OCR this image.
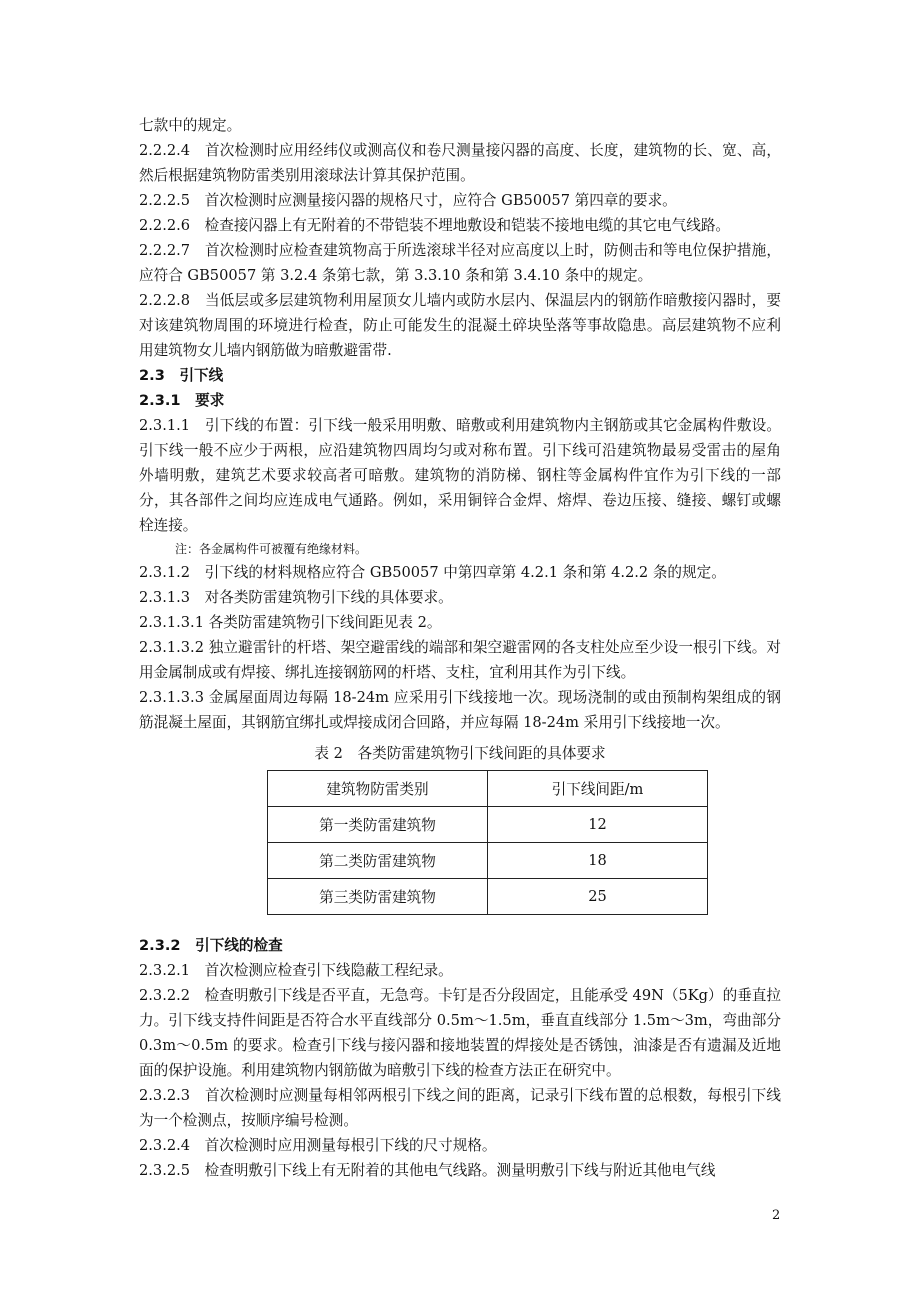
七款中的规定。
2.2.2.4　首次检测时应用经纬仪或测高仪和卷尺测量接闪器的高度、长度，建筑物的长、宽、高，然后根据建筑物防雷类别用滚球法计算其保护范围。
2.2.2.5　首次检测时应测量接闪器的规格尺寸，应符合 GB50057 第四章的要求。
2.2.2.6　检查接闪器上有无附着的不带铠装不埋地敷设和铠装不接地电缆的其它电气线路。
2.2.2.7　首次检测时应检查建筑物高于所选滚球半径对应高度以上时，防侧击和等电位保护措施，应符合 GB50057 第 3.2.4 条第七款，第 3.3.10 条和第 3.4.10 条中的规定。
2.2.2.8　当低层或多层建筑物利用屋顶女儿墙内或防水层内、保温层内的钢筋作暗敷接闪器时，要对该建筑物周围的环境进行检查，防止可能发生的混凝土碎块坠落等事故隐患。高层建筑物不应利用建筑物女儿墙内钢筋做为暗敷避雷带.
2.3　引下线
2.3.1　要求
2.3.1.1　引下线的布置：引下线一般采用明敷、暗敷或利用建筑物内主钢筋或其它金属构件敷设。引下线一般不应少于两根，应沿建筑物四周均匀或对称布置。引下线可沿建筑物最易受雷击的屋角外墙明敷，建筑艺术要求较高者可暗敷。建筑物的消防梯、钢柱等金属构件宜作为引下线的一部分，其各部件之间均应连成电气通路。例如，采用铜锌合金焊、熔焊、卷边压接、缝接、螺钉或螺栓连接。
注：各金属构件可被覆有绝缘材料。
2.3.1.2　引下线的材料规格应符合 GB50057 中第四章第 4.2.1 条和第 4.2.2 条的规定。
2.3.1.3　对各类防雷建筑物引下线的具体要求。
2.3.1.3.1 各类防雷建筑物引下线间距见表 2。
2.3.1.3.2 独立避雷针的杆塔、架空避雷线的端部和架空避雷网的各支柱处应至少设一根引下线。对用金属制成或有焊接、绑扎连接钢筋网的杆塔、支柱，宜利用其作为引下线。
2.3.1.3.3 金属屋面周边每隔 18-24m 应采用引下线接地一次。现场浇制的或由预制构架组成的钢筋混凝土屋面，其钢筋宜绑扎或焊接成闭合回路，并应每隔 18-24m 采用引下线接地一次。
表 2　各类防雷建筑物引下线间距的具体要求
建筑物防雷类别	引下线间距/m
第一类防雷建筑物	12
第二类防雷建筑物	18
第三类防雷建筑物	25
2.3.2　引下线的检查
2.3.2.1　首次检测应检查引下线隐蔽工程纪录。
2.3.2.2　检查明敷引下线是否平直，无急弯。卡钉是否分段固定，且能承受 49N（5Kg）的垂直拉力。引下线支持件间距是否符合水平直线部分 0.5m～1.5m，垂直直线部分 1.5m～3m，弯曲部分 0.3m～0.5m 的要求。检查引下线与接闪器和接地装置的焊接处是否锈蚀，油漆是否有遗漏及近地面的保护设施。利用建筑物内钢筋做为暗敷引下线的检查方法正在研究中。
2.3.2.3　首次检测时应测量每相邻两根引下线之间的距离，记录引下线布置的总根数，每根引下线为一个检测点，按顺序编号检测。
2.3.2.4　首次检测时应用测量每根引下线的尺寸规格。
2.3.2.5　检查明敷引下线上有无附着的其他电气线路。测量明敷引下线与附近其他电气线
2
